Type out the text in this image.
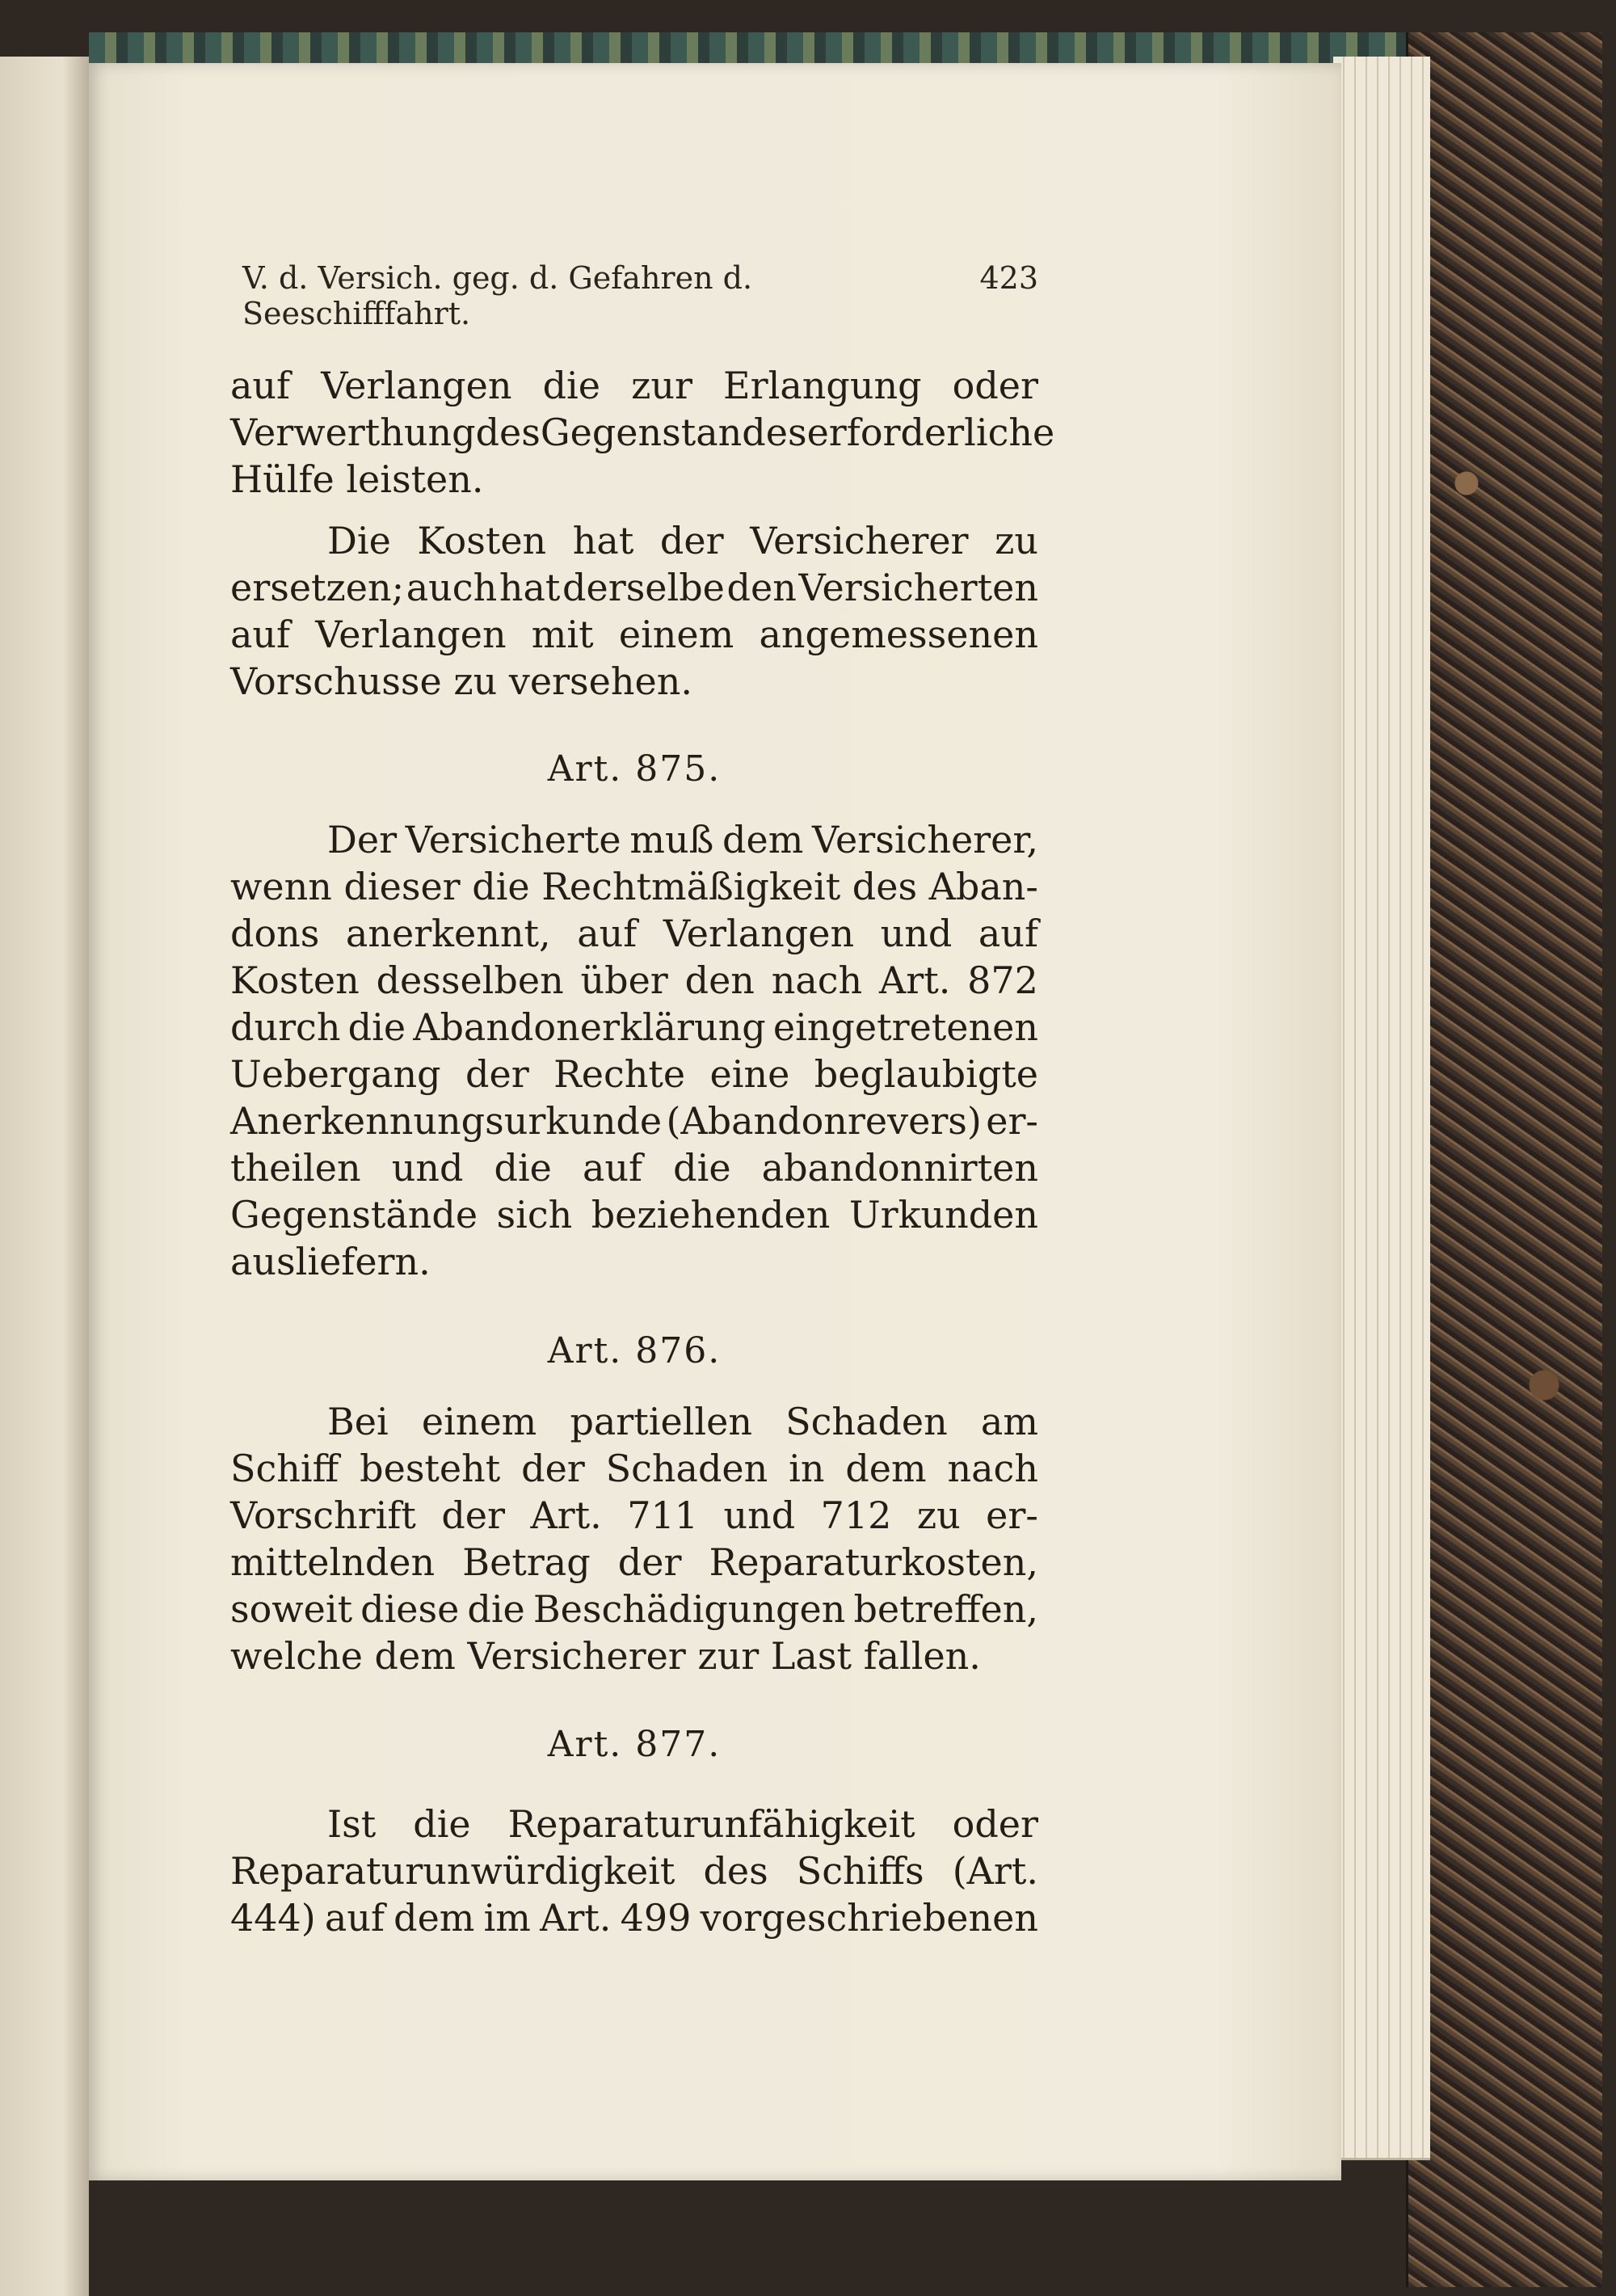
V. d. Versich. geg. d. Gefahren d. Seeschifffahrt.
423
auf Verlangen die zur Erlangung oder
Verwerthung des Gegenstandes erforderliche
Hülfe leisten.
Die Kosten hat der Versicherer zu
ersetzen; auch hat derselbe den Versicherten
auf Verlangen mit einem angemessenen
Vorschusse zu versehen.
Art. 875.
Der Versicherte muß dem Versicherer,
wenn dieser die Rechtmäßigkeit des Aban-
dons anerkennt, auf Verlangen und auf
Kosten desselben über den nach Art. 872
durch die Abandonerklärung eingetretenen
Uebergang der Rechte eine beglaubigte
Anerkennungsurkunde (Abandonrevers) er-
theilen und die auf die abandonnirten
Gegenstände sich beziehenden Urkunden
ausliefern.
Art. 876.
Bei einem partiellen Schaden am
Schiff besteht der Schaden in dem nach
Vorschrift der Art. 711 und 712 zu er-
mittelnden Betrag der Reparaturkosten,
soweit diese die Beschädigungen betreffen,
welche dem Versicherer zur Last fallen.
Art. 877.
Ist die Reparaturunfähigkeit oder
Reparaturunwürdigkeit des Schiffs (Art.
444) auf dem im Art. 499 vorgeschriebenen
